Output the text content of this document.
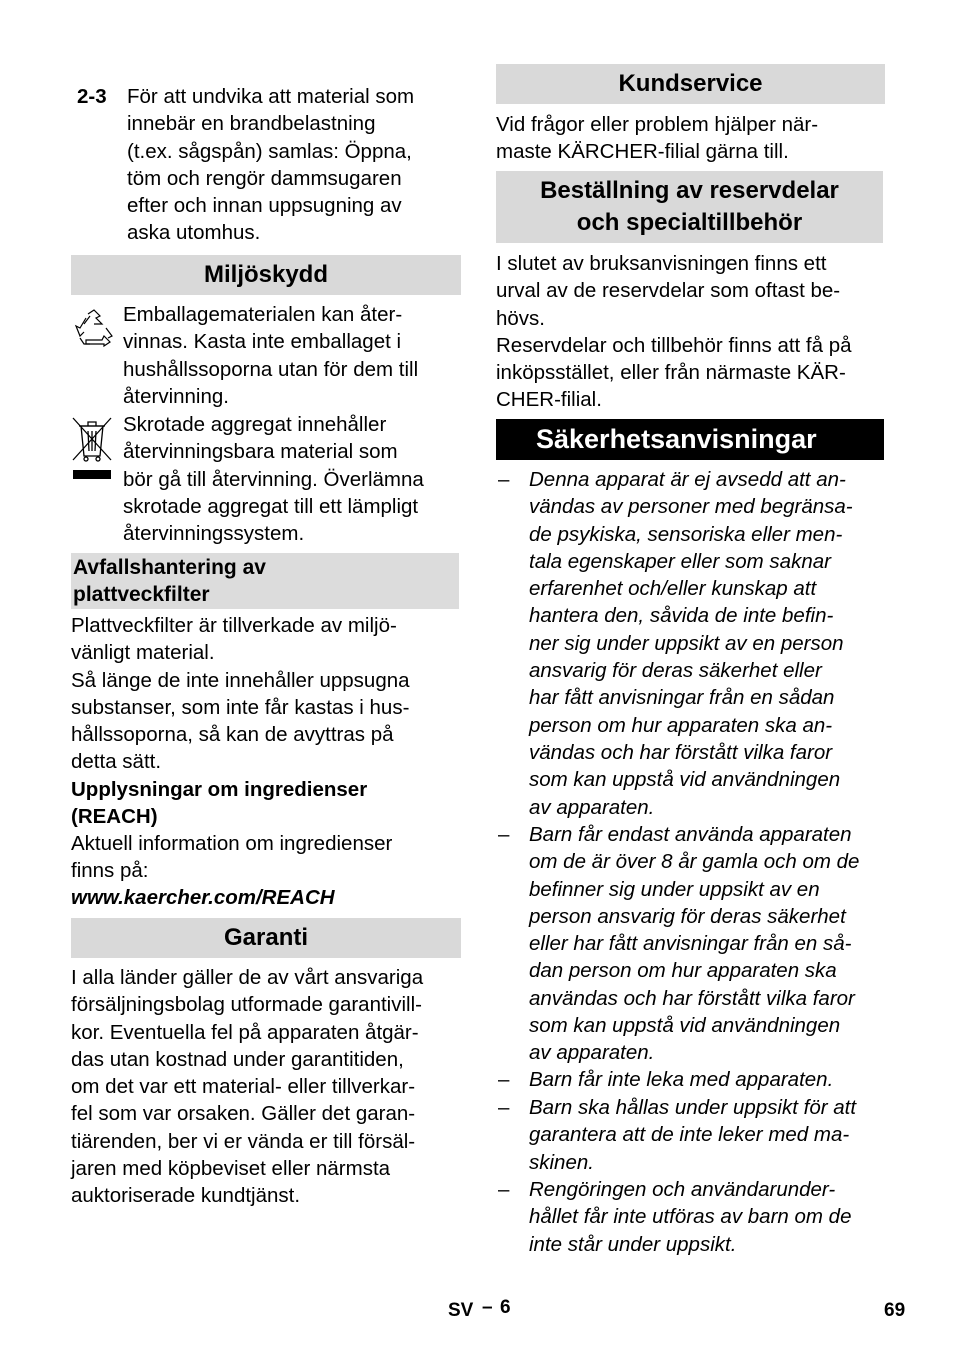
2-3 För att undvika att material som
innebär en brandbelastning
(t.ex. sågspån) samlas: Öppna,
töm och rengör dammsugaren
efter och innan uppsugning av
aska utomhus.
Miljöskydd
Emballagematerialen kan åter-
vinnas. Kasta inte emballaget i
hushållssoporna utan för dem till
återvinning.
Skrotade aggregat innehåller
återvinningsbara material som
bör gå till återvinning. Överlämna
skrotade aggregat till ett lämpligt
återvinningssystem.
Avfallshantering av
plattveckfilter
Plattveckfilter är tillverkade av miljö-
vänligt material.
Så länge de inte innehåller uppsugna
substanser, som inte får kastas i hus-
hållssoporna, så kan de avyttras på
detta sätt.
Upplysningar om ingredienser
(REACH)
Aktuell information om ingredienser
finns på:
www.kaercher.com/REACH
Garanti
I alla länder gäller de av vårt ansvariga
försäljningsbolag utformade garantivill-
kor. Eventuella fel på apparaten åtgär-
das utan kostnad under garantitiden,
om det var ett material- eller tillverkar-
fel som var orsaken. Gäller det garan-
tiärenden, ber vi er vända er till försäl-
jaren med köpbeviset eller närmsta
auktoriserade kundtjänst.
Kundservice
Vid frågor eller problem hjälper när-
maste KÄRCHER-filial gärna till.
Beställning av reservdelar
och specialtillbehör
I slutet av bruksanvisningen finns ett
urval av de reservdelar som oftast be-
hövs.
Reservdelar och tillbehör finns att få på
inköpsstället, eller från närmaste KÄR-
CHER-filial.
Säkerhetsanvisningar
– Denna apparat är ej avsedd att an-
vändas av personer med begränsa-
de psykiska, sensoriska eller men-
tala egenskaper eller som saknar
erfarenhet och/eller kunskap att
hantera den, såvida de inte befin-
ner sig under uppsikt av en person
ansvarig för deras säkerhet eller
har fått anvisningar från en sådan
person om hur apparaten ska an-
vändas och har förstått vilka faror
som kan uppstå vid användningen
av apparaten.
– Barn får endast använda apparaten
om de är över 8 år gamla och om de
befinner sig under uppsikt av en
person ansvarig för deras säkerhet
eller har fått anvisningar från en så-
dan person om hur apparaten ska
användas och har förstått vilka faror
som kan uppstå vid användningen
av apparaten.
– Barn får inte leka med apparaten.
– Barn ska hållas under uppsikt för att
garantera att de inte leker med ma-
skinen.
– Rengöringen och användarunder-
hållet får inte utföras av barn om de
inte står under uppsikt.
SV – 6	69
